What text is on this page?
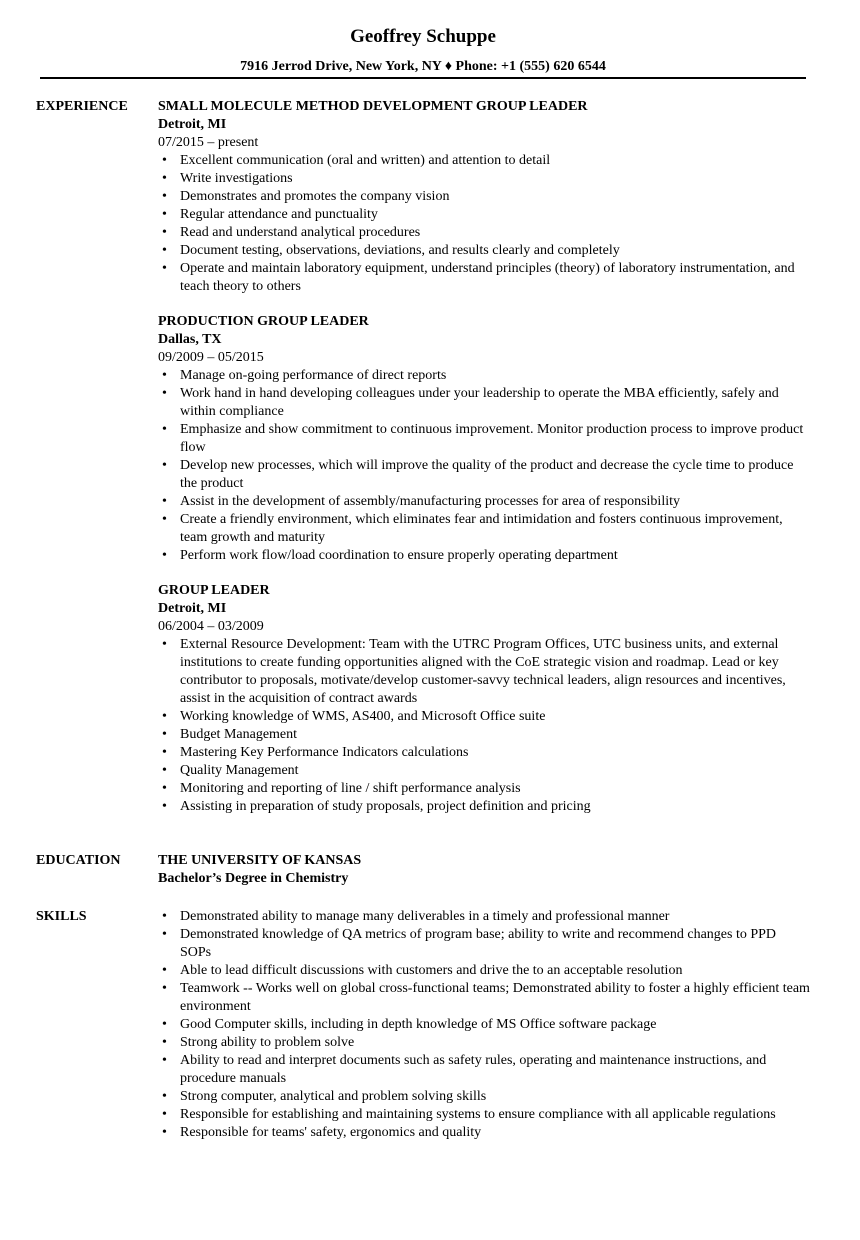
Geoffrey Schuppe
7916 Jerrod Drive, New York, NY ♦ Phone: +1 (555) 620 6544
EXPERIENCE	SMALL MOLECULE METHOD DEVELOPMENT GROUP LEADER
Detroit, MI
07/2015 – present
• Excellent communication (oral and written) and attention to detail
• Write investigations
• Demonstrates and promotes the company vision
• Regular attendance and punctuality
• Read and understand analytical procedures
• Document testing, observations, deviations, and results clearly and completely
• Operate and maintain laboratory equipment, understand principles (theory) of laboratory instrumentation, and teach theory to others
PRODUCTION GROUP LEADER
Dallas, TX
09/2009 – 05/2015
• Manage on-going performance of direct reports
• Work hand in hand developing colleagues under your leadership to operate the MBA efficiently, safely and within compliance
• Emphasize and show commitment to continuous improvement. Monitor production process to improve product flow
• Develop new processes, which will improve the quality of the product and decrease the cycle time to produce the product
• Assist in the development of assembly/manufacturing processes for area of responsibility
• Create a friendly environment, which eliminates fear and intimidation and fosters continuous improvement, team growth and maturity
• Perform work flow/load coordination to ensure properly operating department
GROUP LEADER
Detroit, MI
06/2004 – 03/2009
• External Resource Development: Team with the UTRC Program Offices, UTC business units, and external institutions to create funding opportunities aligned with the CoE strategic vision and roadmap. Lead or key contributor to proposals, motivate/develop customer-savvy technical leaders, align resources and incentives, assist in the acquisition of contract awards
• Working knowledge of WMS, AS400, and Microsoft Office suite
• Budget Management
• Mastering Key Performance Indicators calculations
• Quality Management
• Monitoring and reporting of line / shift performance analysis
• Assisting in preparation of study proposals, project definition and pricing
EDUCATION	THE UNIVERSITY OF KANSAS
Bachelor’s Degree in Chemistry
SKILLS	• Demonstrated ability to manage many deliverables in a timely and professional manner
• Demonstrated knowledge of QA metrics of program base; ability to write and recommend changes to PPD SOPs
• Able to lead difficult discussions with customers and drive the to an acceptable resolution
• Teamwork -- Works well on global cross-functional teams; Demonstrated ability to foster a highly efficient team environment
• Good Computer skills, including in depth knowledge of MS Office software package
• Strong ability to problem solve
• Ability to read and interpret documents such as safety rules, operating and maintenance instructions, and procedure manuals
• Strong computer, analytical and problem solving skills
• Responsible for establishing and maintaining systems to ensure compliance with all applicable regulations
• Responsible for teams' safety, ergonomics and quality
